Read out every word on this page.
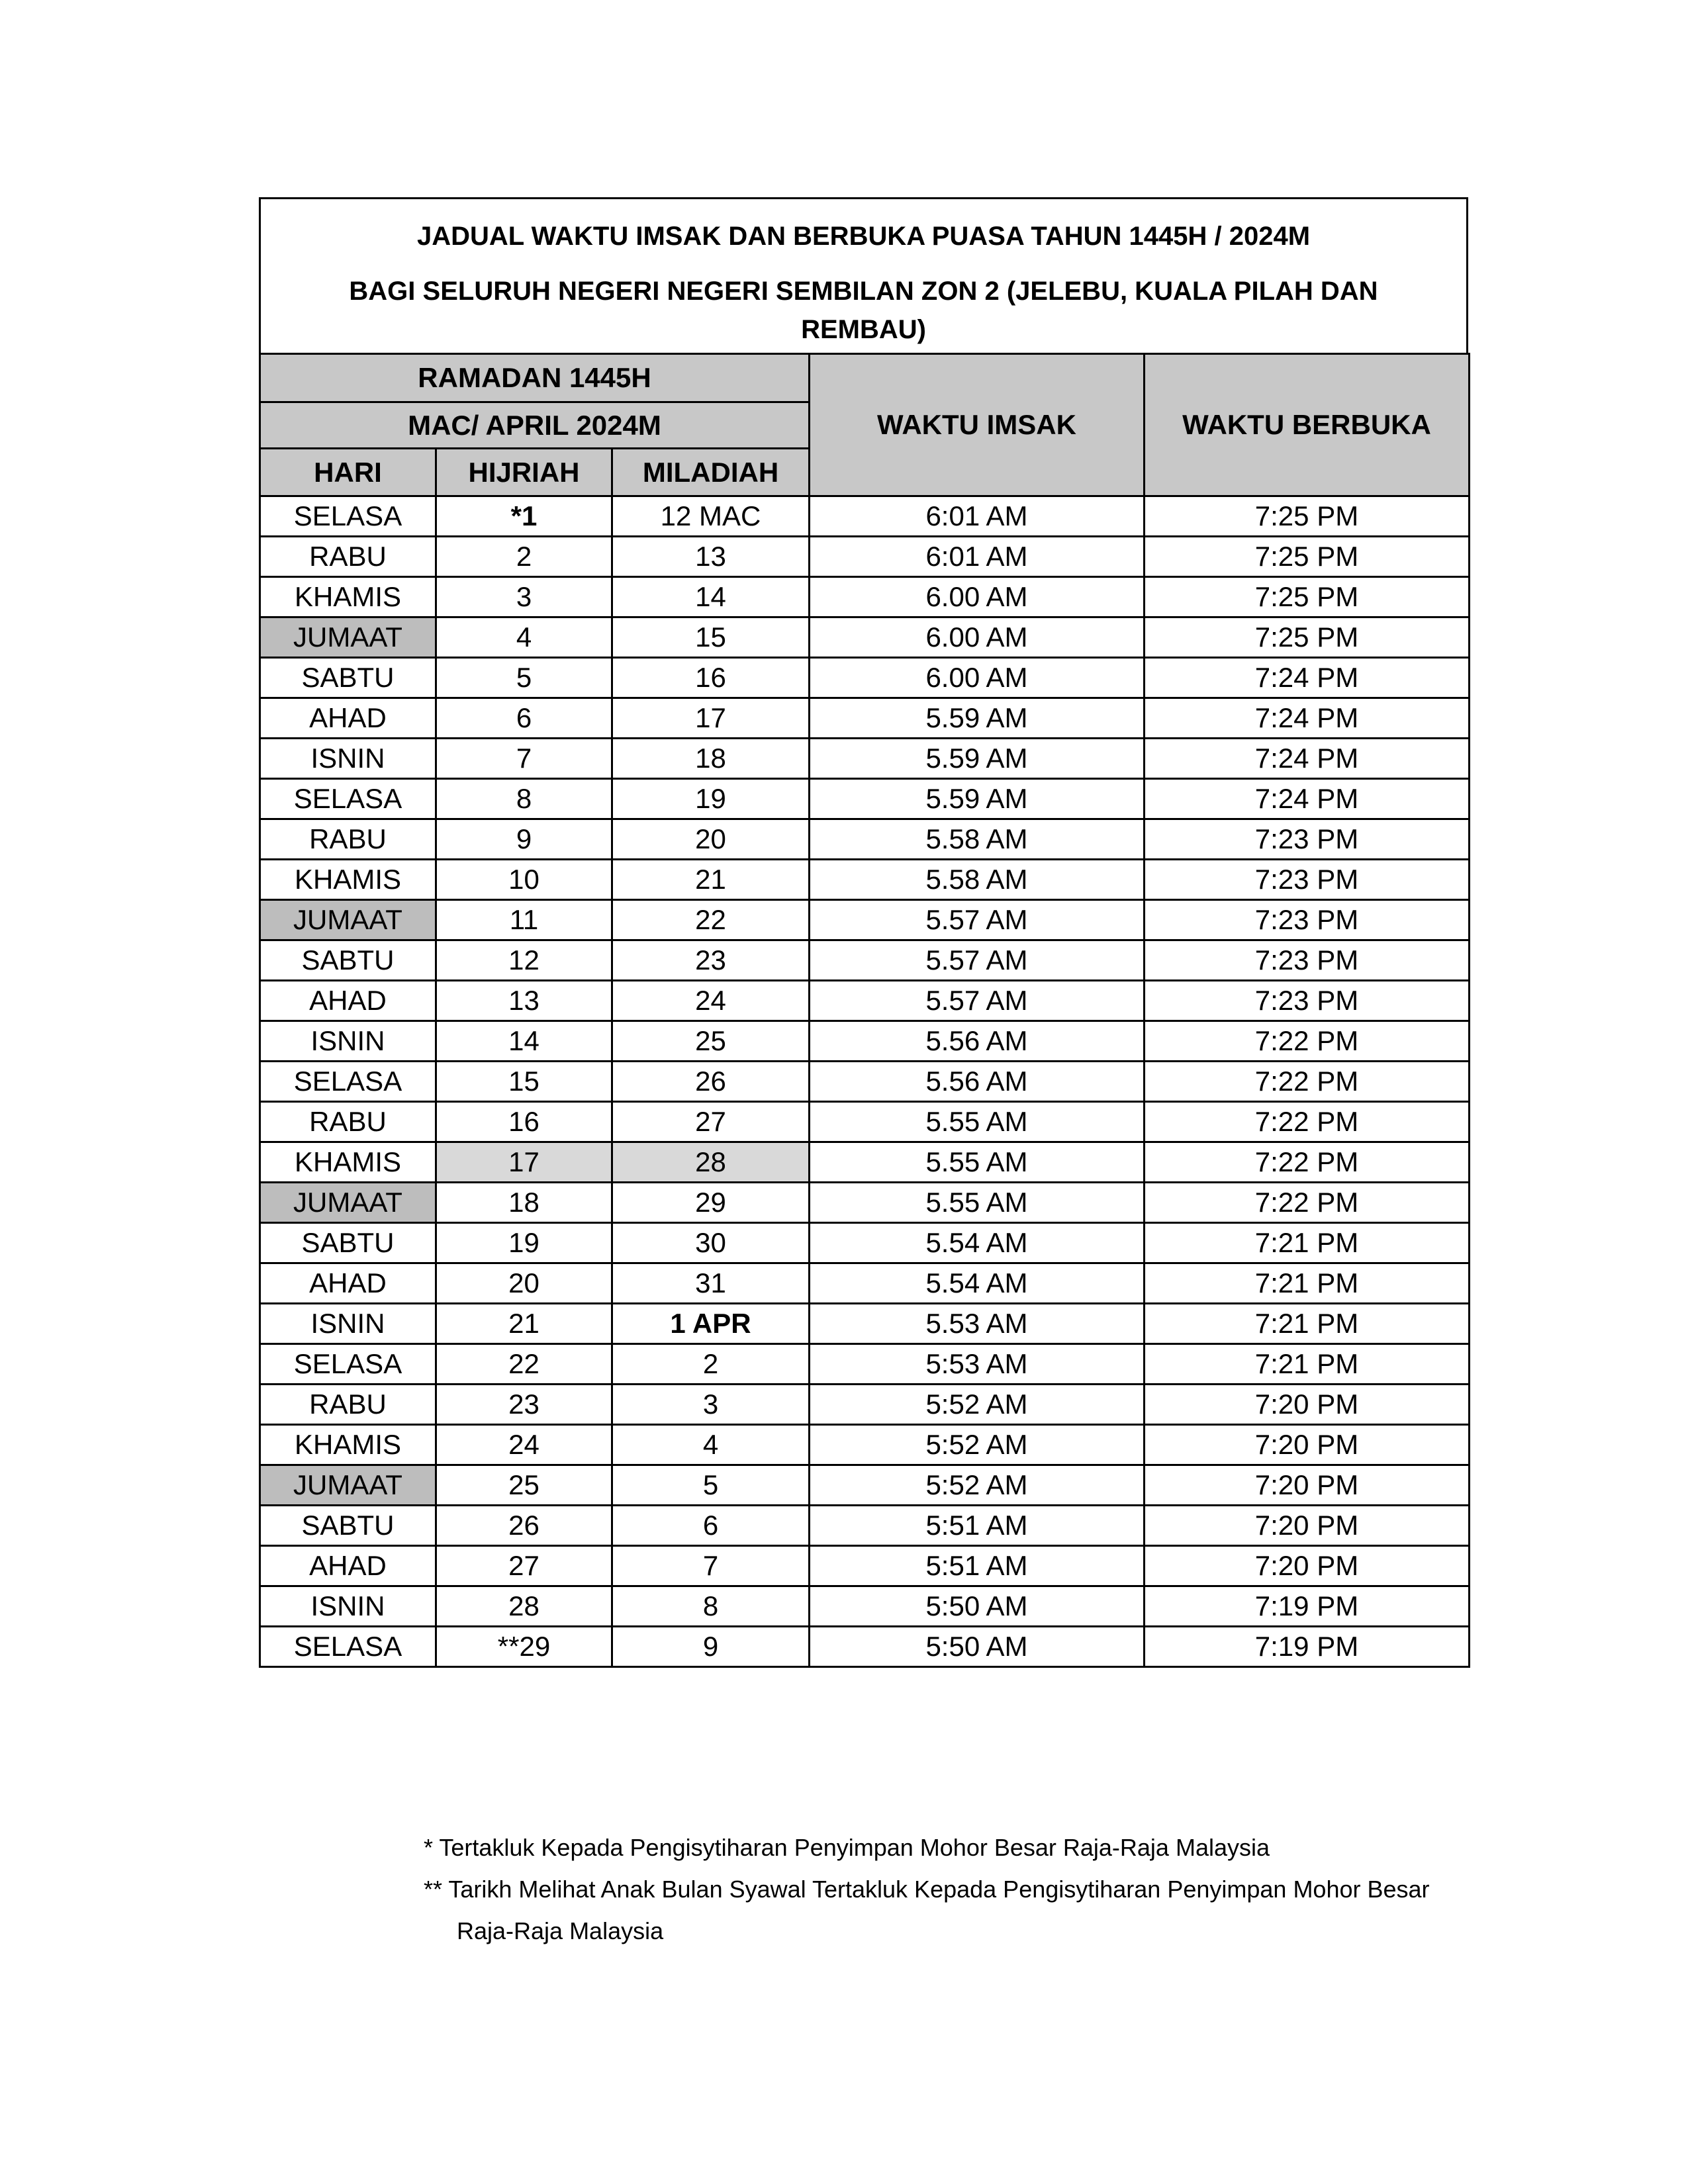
JADUAL WAKTU IMSAK DAN BERBUKA PUASA TAHUN 1445H / 2024M
BAGI SELURUH NEGERI NEGERI SEMBILAN ZON 2 (JELEBU, KUALA PILAH DAN REMBAU)
RAMADAN 1445H			WAKTU IMSAK	WAKTU BERBUKA
MAC/ APRIL 2024M				
HARI	HIJRIAH	MILADIAH		
SELASA	*1	12 MAC	6:01 AM	7:25 PM
RABU	2	13	6:01 AM	7:25 PM
KHAMIS	3	14	6.00 AM	7:25 PM
JUMAAT	4	15	6.00 AM	7:25 PM
SABTU	5	16	6.00 AM	7:24 PM
AHAD	6	17	5.59 AM	7:24 PM
ISNIN	7	18	5.59 AM	7:24 PM
SELASA	8	19	5.59 AM	7:24 PM
RABU	9	20	5.58 AM	7:23 PM
KHAMIS	10	21	5.58 AM	7:23 PM
JUMAAT	11	22	5.57 AM	7:23 PM
SABTU	12	23	5.57 AM	7:23 PM
AHAD	13	24	5.57 AM	7:23 PM
ISNIN	14	25	5.56 AM	7:22 PM
SELASA	15	26	5.56 AM	7:22 PM
RABU	16	27	5.55 AM	7:22 PM
KHAMIS	17	28	5.55 AM	7:22 PM
JUMAAT	18	29	5.55 AM	7:22 PM
SABTU	19	30	5.54 AM	7:21 PM
AHAD	20	31	5.54 AM	7:21 PM
ISNIN	21	1 APR	5.53 AM	7:21 PM
SELASA	22	2	5:53 AM	7:21 PM
RABU	23	3	5:52 AM	7:20 PM
KHAMIS	24	4	5:52 AM	7:20 PM
JUMAAT	25	5	5:52 AM	7:20 PM
SABTU	26	6	5:51 AM	7:20 PM
AHAD	27	7	5:51 AM	7:20 PM
ISNIN	28	8	5:50 AM	7:19 PM
SELASA	**29	9	5:50 AM	7:19 PM
* Tertakluk Kepada Pengisytiharan Penyimpan Mohor Besar Raja-Raja Malaysia
** Tarikh Melihat Anak Bulan Syawal Tertakluk Kepada Pengisytiharan Penyimpan Mohor Besar
Raja-Raja Malaysia
